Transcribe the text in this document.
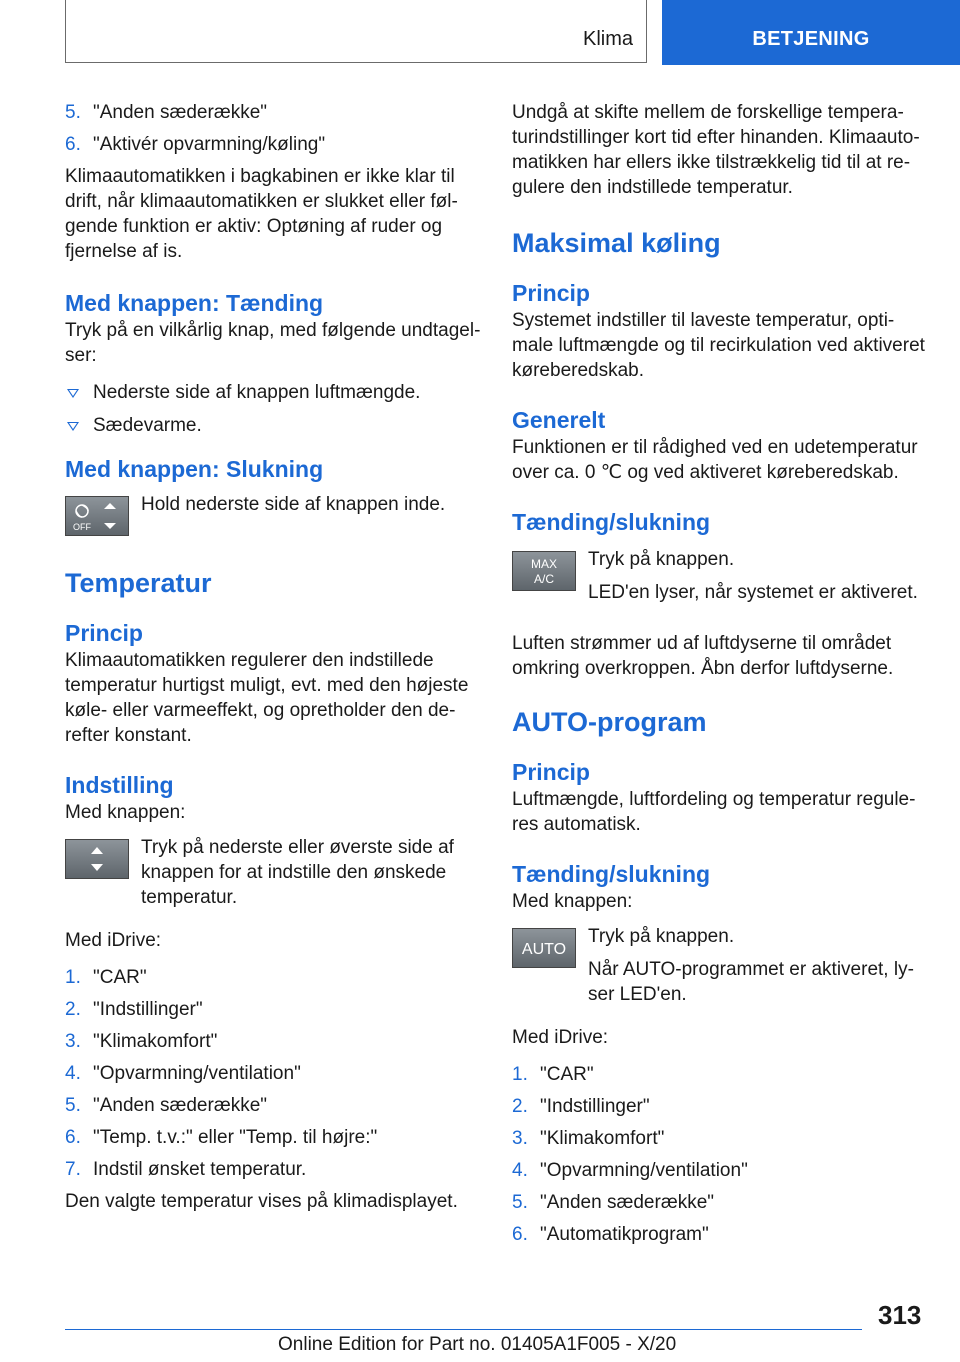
Klima	BETJENING
5. "Anden sæderække"
6. "Aktivér opvarmning/køling"

Klimaautomatikken i bagkabinen er ikke klar til drift, når klimaautomatikken er slukket eller føl‐ gende funktion er aktiv: Optøning af ruder og fjernelse af is.

Med knappen: Tænding

Tryk på en vilkårlig knap, med følgende undtagel‐ ser:

Nederste side af knappen luftmængde.
Sædevarme.
Med knappen: Slukning
OFF

Hold nederste side af knappen inde.

Temperatur
Princip

Klimaautomatikken regulerer den indstillede temperatur hurtigst muligt, evt. med den højeste køle- eller varmeeffekt, og opretholder den de‐ refter konstant.

Indstilling

Med knappen:

Tryk på nederste eller øverste side af knappen for at indstille den ønskede temperatur.

Med iDrive:

1. "CAR"
2. "Indstillinger"
3. "Klimakomfort"
4. "Opvarmning/ventilation"
5. "Anden sæderække"
6. "Temp. t.v.:" eller "Temp. til højre:"
7. Indstil ønsket temperatur.

Den valgte temperatur vises på klimadisplayet.

Undgå at skifte mellem de forskellige tempera‐ turindstillinger kort tid efter hinanden. Klimaauto‐ matikken har ellers ikke tilstrækkelig tid til at re‐ gulere den indstillede temperatur.

Maksimal køling
Princip

Systemet indstiller til laveste temperatur, opti‐ male luftmængde og til recirkulation ved aktiveret køreberedskab.

Generelt

Funktionen er til rådighed ved en udetemperatur over ca. 0 ℃ og ved aktiveret køreberedskab.

Tænding/slukning
MAX
A/C

Tryk på knappen.

LED'en lyser, når systemet er aktiveret.

Luften strømmer ud af luftdyserne til området omkring overkroppen. Åbn derfor luftdyserne.

AUTO-program
Princip

Luftmængde, luftfordeling og temperatur regule‐ res automatisk.

Tænding/slukning

Med knappen:

AUTO

Tryk på knappen.

Når AUTO-programmet er aktiveret, ly‐ ser LED'en.

Med iDrive:

1. "CAR"
2. "Indstillinger"
3. "Klimakomfort"
4. "Opvarmning/ventilation"
5. "Anden sæderække"
6. "Automatikprogram"
313
Online Edition for Part no. 01405A1F005 - X/20
